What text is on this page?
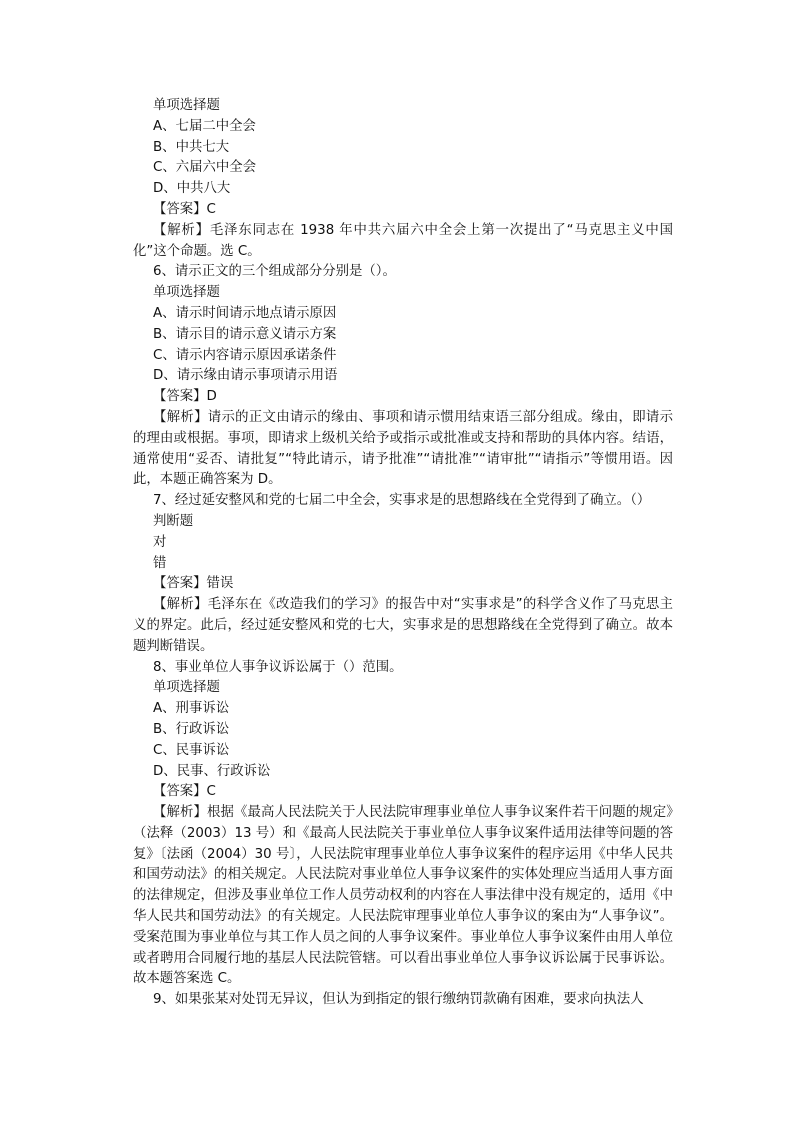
单项选择题

A、七届二中全会

B、中共七大

C、六届六中全会

D、中共八大

【答案】C

【解析】毛泽东同志在 1938 年中共六届六中全会上第一次提出了“马克思主义中国化”这个命题。选 C。

6、请示正文的三个组成部分分别是（）。

单项选择题

A、请示时间请示地点请示原因

B、请示目的请示意义请示方案

C、请示内容请示原因承诺条件

D、请示缘由请示事项请示用语

【答案】D

【解析】请示的正文由请示的缘由、事项和请示惯用结束语三部分组成。缘由，即请示的理由或根据。事项，即请求上级机关给予或指示或批准或支持和帮助的具体内容。结语，通常使用“妥否、请批复”“特此请示，请予批准”“请批准”“请审批”“请指示”等惯用语。因此，本题正确答案为 D。

7、经过延安整风和党的七届二中全会，实事求是的思想路线在全党得到了确立。（）

判断题

对

错

【答案】错误

【解析】毛泽东在《改造我们的学习》的报告中对“实事求是”的科学含义作了马克思主义的界定。此后，经过延安整风和党的七大，实事求是的思想路线在全党得到了确立。故本题判断错误。

8、事业单位人事争议诉讼属于（）范围。

单项选择题

A、刑事诉讼

B、行政诉讼

C、民事诉讼

D、民事、行政诉讼

【答案】C

【解析】根据《最高人民法院关于人民法院审理事业单位人事争议案件若干问题的规定》（法释（2003）13 号）和《最高人民法院关于事业单位人事争议案件适用法律等问题的答复》〔法函（2004）30 号〕，人民法院审理事业单位人事争议案件的程序运用《中华人民共和国劳动法》的相关规定。人民法院对事业单位人事争议案件的实体处理应当适用人事方面的法律规定，但涉及事业单位工作人员劳动权利的内容在人事法律中没有规定的，适用《中华人民共和国劳动法》的有关规定。人民法院审理事业单位人事争议的案由为“人事争议”。受案范围为事业单位与其工作人员之间的人事争议案件。事业单位人事争议案件由用人单位或者聘用合同履行地的基层人民法院管辖。可以看出事业单位人事争议诉讼属于民事诉讼。故本题答案选 C。

9、如果张某对处罚无异议，但认为到指定的银行缴纳罚款确有困难，要求向执法人
